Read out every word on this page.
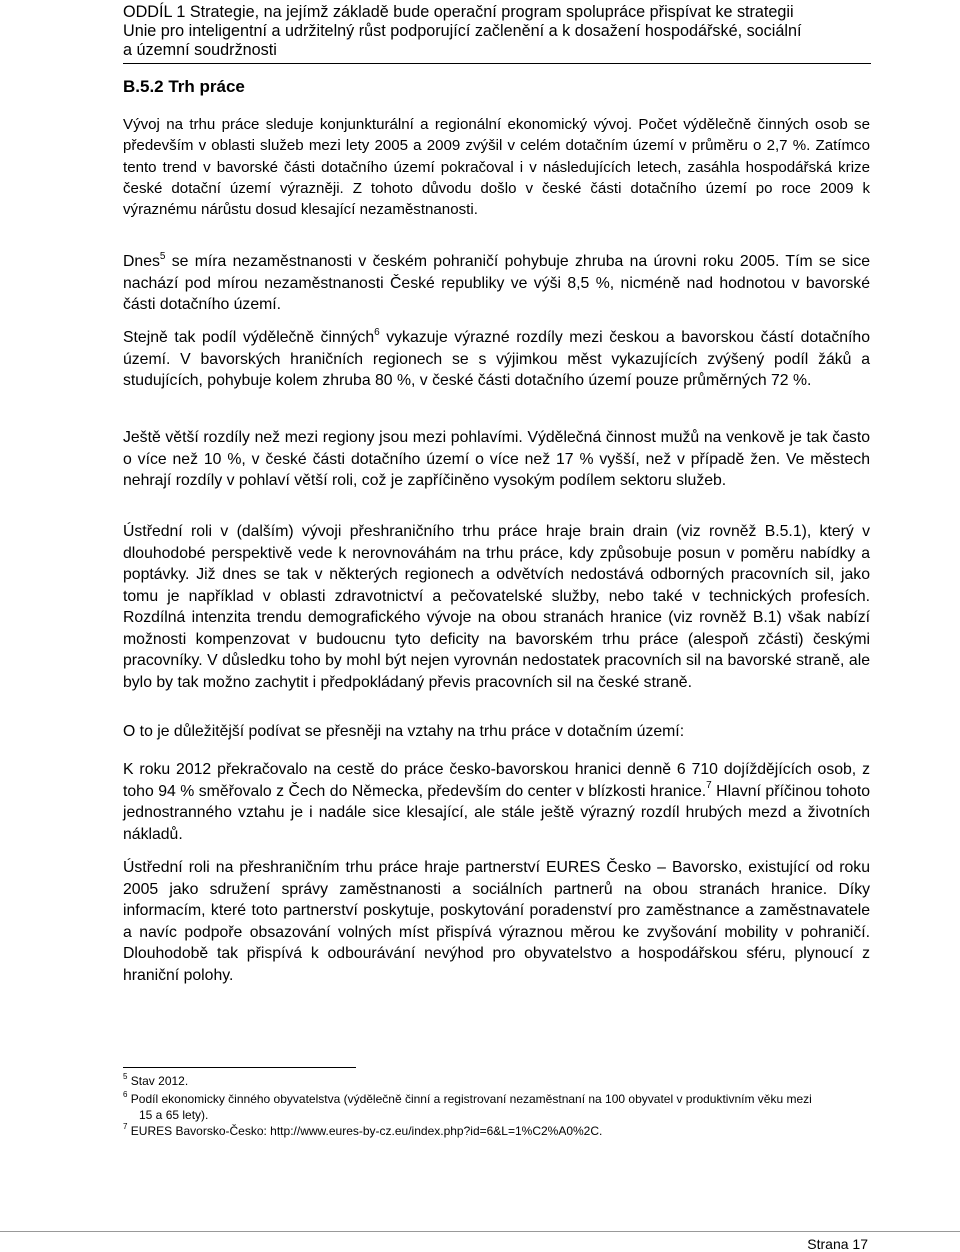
ODDÍL 1 Strategie, na jejímž základě bude operační program spolupráce přispívat ke strategii
Unie pro inteligentní a udržitelný růst podporující začlenění a k dosažení hospodářské, sociální
a územní soudržnosti
B.5.2 Trh práce

Vývoj na trhu práce sleduje konjunkturální a regionální ekonomický vývoj. Počet výdělečně činných osob se především v oblasti služeb mezi lety 2005 a 2009 zvýšil v celém dotačním území v průměru o 2,7 %. Zatímco tento trend v bavorské části dotačního území pokračoval i v následujících letech, zasáhla hospodářská krize české dotační území výrazněji. Z tohoto důvodu došlo v české části dotačního území po roce 2009 k výraznému nárůstu dosud klesající nezaměstnanosti.

Dnes$^5$ se míra nezaměstnanosti v českém pohraničí pohybuje zhruba na úrovni roku 2005. Tím se sice nachází pod mírou nezaměstnanosti České republiky ve výši 8,5 %, nicméně nad hodnotou v bavorské části dotačního území.

Stejně tak podíl výdělečně činných$^6$ vykazuje výrazné rozdíly mezi českou a bavorskou částí dotačního území. V bavorských hraničních regionech se s výjimkou měst vykazujících zvýšený podíl žáků a studujících, pohybuje kolem zhruba 80 %, v české části dotačního území pouze průměrných 72 %.

Ještě větší rozdíly než mezi regiony jsou mezi pohlavími. Výdělečná činnost mužů na venkově je tak často o více než 10 %, v české části dotačního území o více než 17 % vyšší, než v případě žen. Ve městech nehrají rozdíly v pohlaví větší roli, což je zapříčiněno vysokým podílem sektoru služeb.

Ústřední roli v (dalším) vývoji přeshraničního trhu práce hraje brain drain (viz rovněž B.5.1), který v dlouhodobé perspektivě vede k nerovnováhám na trhu práce, kdy způsobuje posun v poměru nabídky a poptávky. Již dnes se tak v některých regionech a odvětvích nedostává odborných pracovních sil, jako tomu je například v oblasti zdravotnictví a pečovatelské služby, nebo také v technických profesích. Rozdílná intenzita trendu demografického vývoje na obou stranách hranice (viz rovněž B.1) však nabízí možnosti kompenzovat v budoucnu tyto deficity na bavorském trhu práce (alespoň zčásti) českými pracovníky. V důsledku toho by mohl být nejen vyrovnán nedostatek pracovních sil na bavorské straně, ale bylo by tak možno zachytit i předpokládaný převis pracovních sil na české straně.

O to je důležitější podívat se přesněji na vztahy na trhu práce v dotačním území:

K roku 2012 překračovalo na cestě do práce česko-bavorskou hranici denně 6 710 dojíždějících osob, z toho 94 % směřovalo z Čech do Německa, především do center v blízkosti hranice.$^7$ Hlavní příčinou tohoto jednostranného vztahu je i nadále sice klesající, ale stále ještě výrazný rozdíl hrubých mezd a životních nákladů.

Ústřední roli na přeshraničním trhu práce hraje partnerství EURES Česko – Bavorsko, existující od roku 2005 jako sdružení správy zaměstnanosti a sociálních partnerů na obou stranách hranice. Díky informacím, které toto partnerství poskytuje, poskytování poradenství pro zaměstnance a zaměstnavatele a navíc podpoře obsazování volných míst přispívá výraznou měrou ke zvyšování mobility v pohraničí. Dlouhodobě tak přispívá k odbourávání nevýhod pro obyvatelstvo a hospodářskou sféru, plynoucí z hraniční polohy.

$^5$ Stav 2012.
$^6$ Podíl ekonomicky činného obyvatelstva (výdělečně činní a registrovaní nezaměstnaní na 100 obyvatel v produktivním věku mezi
15 a 65 lety).
$^7$ EURES Bavorsko-Česko: http://www.eures-by-cz.eu/index.php?id=6&L=1%C2%A0%2C.
Strana 17
